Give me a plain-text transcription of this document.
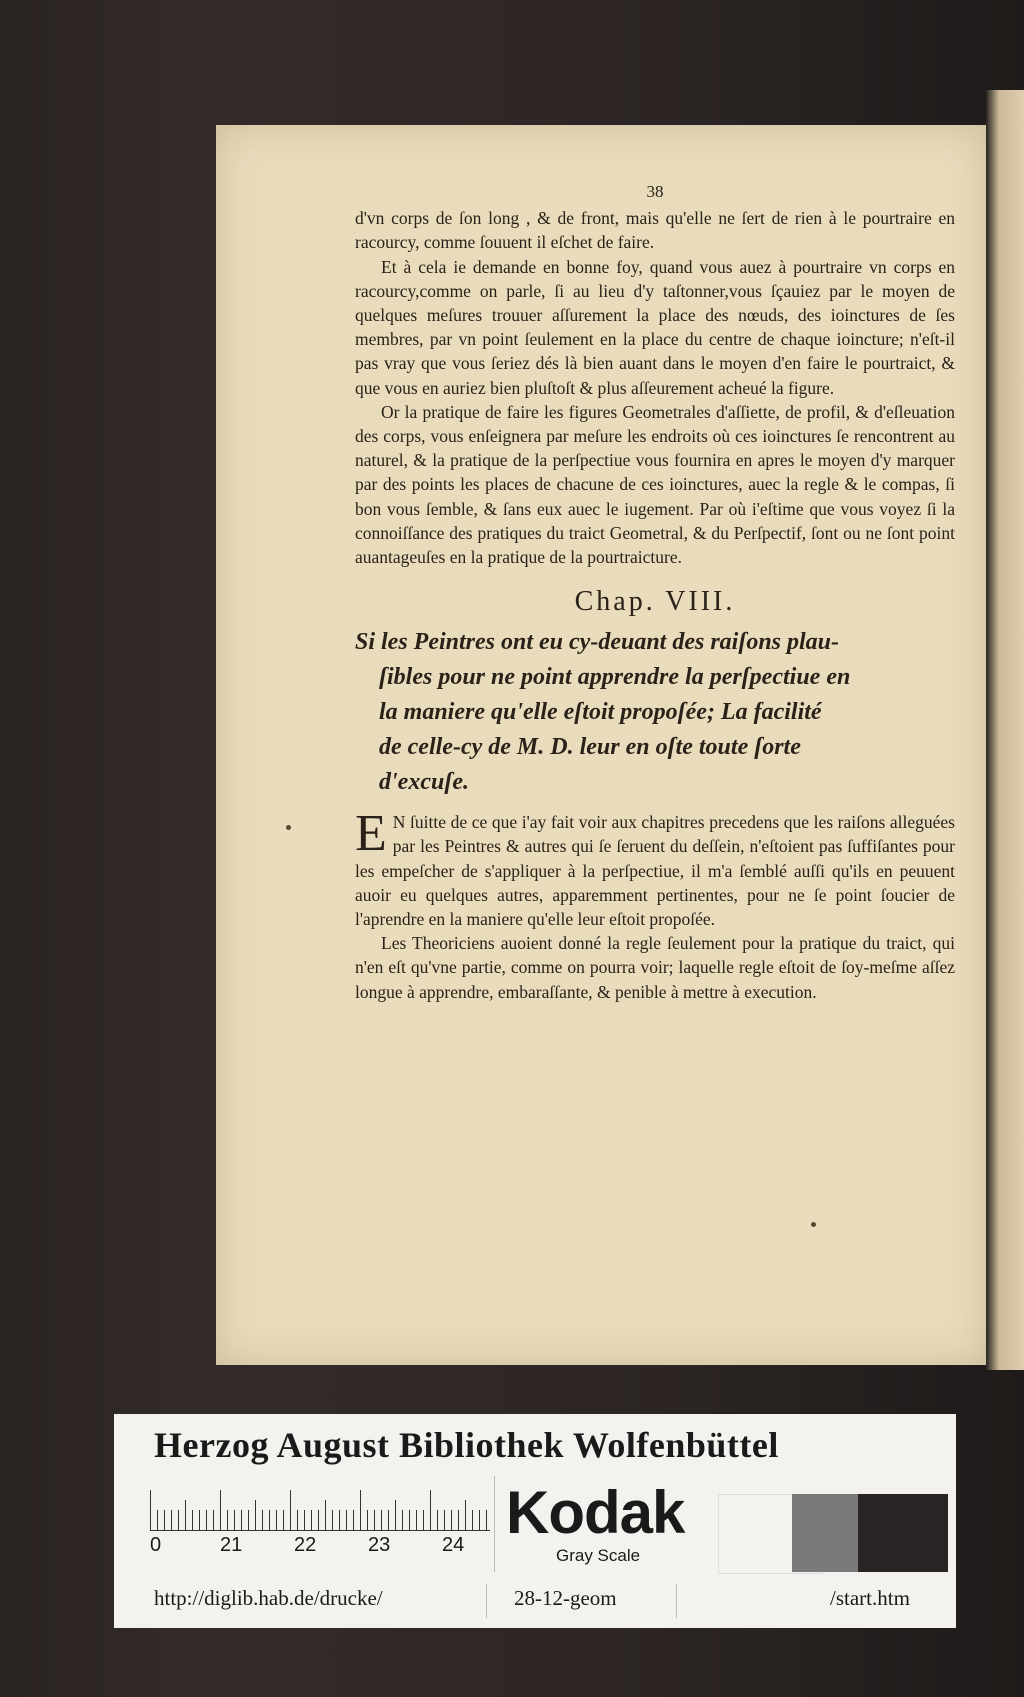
38

d'vn corps de ſon long , & de front, mais qu'elle ne ſert de rien à le pourtraire en racourcy, comme ſouuent il eſchet de faire.

Et à cela ie demande en bonne foy, quand vous auez à pourtraire vn corps en racourcy,comme on parle, ſi au lieu d'y taſtonner,vous ſçauiez par le moyen de quelques meſures trouuer aſſurement la place des nœuds, des ioinctures de ſes membres, par vn point ſeulement en la place du centre de chaque ioincture; n'eſt-il pas vray que vous ſeriez dés là bien auant dans le moyen d'en faire le pourtraict, & que vous en auriez bien pluſtoſt & plus aſſeurement acheué la figure.

Or la pratique de faire les figures Geometrales d'aſſiette, de profil, & d'eſleuation des corps, vous enſeignera par meſure les endroits où ces ioinctures ſe rencontrent au naturel, & la pratique de la perſpectiue vous fournira en apres le moyen d'y marquer par des points les places de chacune de ces ioinctures, auec la regle & le compas, ſi bon vous ſemble, & ſans eux auec le iugement. Par où i'eſtime que vous voyez ſi la connoiſſance des pratiques du traict Geometral, & du Perſpectif, ſont ou ne ſont point auantageuſes en la pratique de la pourtraicture.

Chap. VIII.
Si les Peintres ont eu cy-deuant des raiſons plau-
ſibles pour ne point apprendre la perſpectiue en
la maniere qu'elle eſtoit propoſée; La facilité
de celle-cy de M. D. leur en oſte toute ſorte
d'excuſe.

E N ſuitte de ce que i'ay fait voir aux chapitres precedens que les raiſons alleguées par les Peintres & autres qui ſe ſeruent du deſſein, n'eſtoient pas ſuffiſantes pour les empeſcher de s'appliquer à la perſpectiue, il m'a ſemblé auſſi qu'ils en peuuent auoir eu quelques autres, apparemment pertinentes, pour ne ſe point ſoucier de l'aprendre en la maniere qu'elle leur eſtoit propoſée.

Les Theoriciens auoient donné la regle ſeulement pour la pratique du traict, qui n'en eſt qu'vne partie, comme on pourra voir; laquelle regle eſtoit de ſoy-meſme aſſez longue à apprendre, embaraſſante, & penible à mettre à execution.

Herzog August Bibliothek Wolfenbüttel
0	21	22	23	24 Kodak
Gray Scale
http://diglib.hab.de/drucke/	28-12-geom	/start.htm
